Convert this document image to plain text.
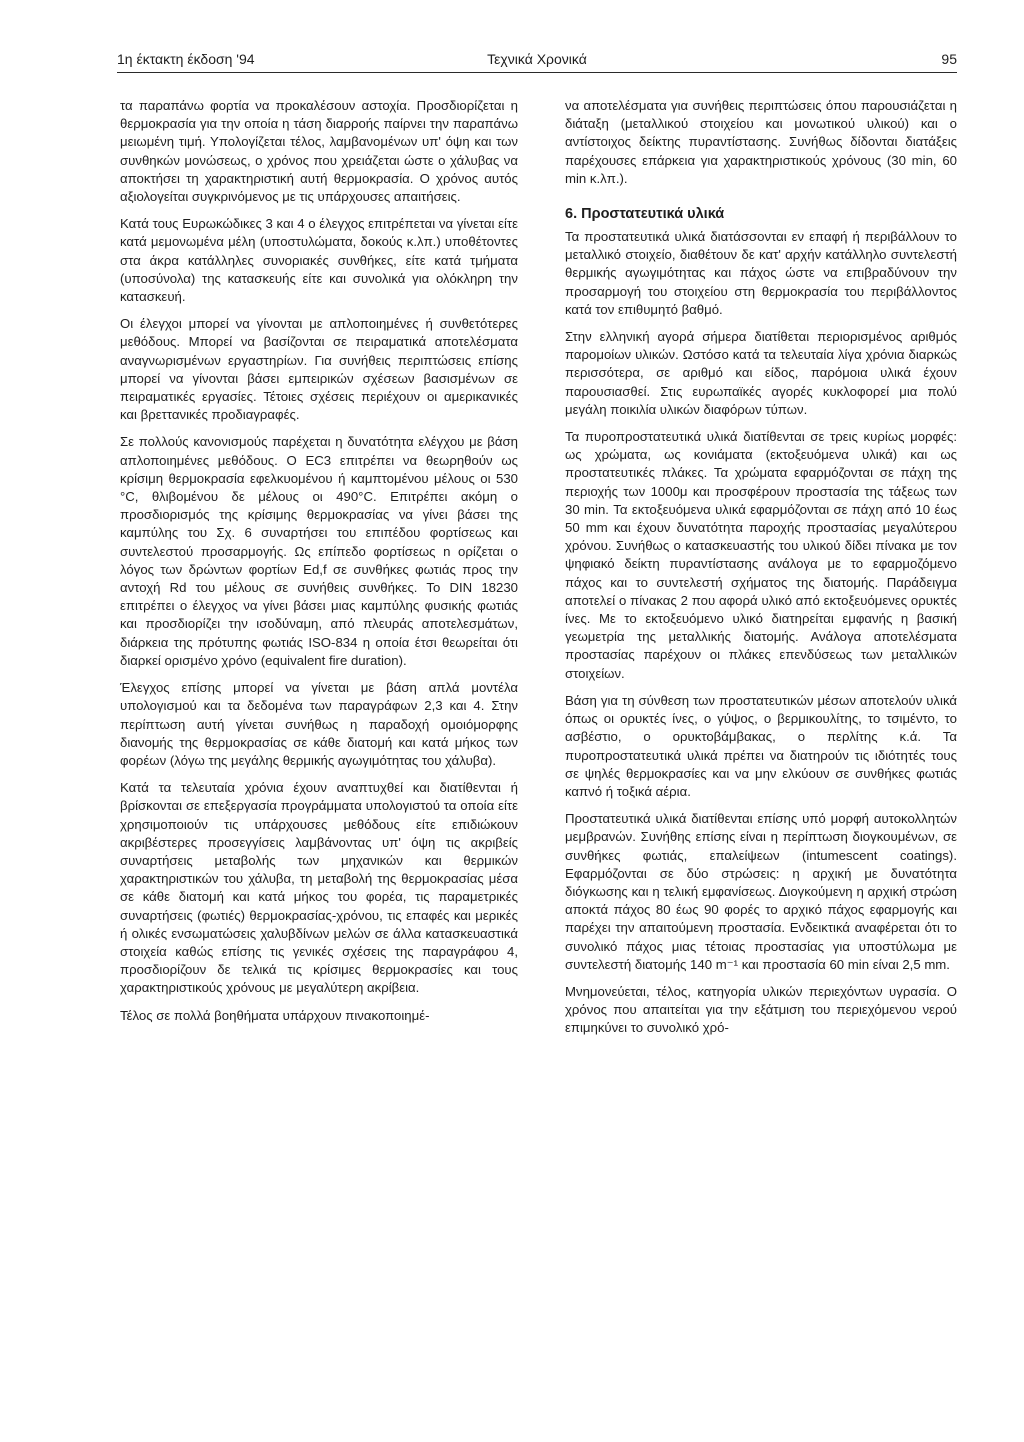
1η έκτακτη έκδοση '94	Τεχνικά Χρονικά	95

τα παραπάνω φορτία να προκαλέσουν αστοχία. Προσδιορίζεται η θερμοκρασία για την οποία η τάση διαρροής παίρνει την παραπάνω μειωμένη τιμή. Υπολογίζεται τέλος, λαμβανομένων υπ' όψη και των συνθηκών μονώσεως, ο χρόνος που χρειάζεται ώστε ο χάλυβας να αποκτήσει τη χαρακτηριστική αυτή θερμοκρασία. Ο χρόνος αυτός αξιολογείται συγκρινόμενος με τις υπάρχουσες απαιτήσεις.

Κατά τους Ευρωκώδικες 3 και 4 ο έλεγχος επιτρέπεται να γίνεται είτε κατά μεμονωμένα μέλη (υποστυλώματα, δοκούς κ.λπ.) υποθέτοντες στα άκρα κατάλληλες συνοριακές συνθήκες, είτε κατά τμήματα (υποσύνολα) της κατασκευής είτε και συνολικά για ολόκληρη την κατασκευή.

Οι έλεγχοι μπορεί να γίνονται με απλοποιημένες ή συνθετότερες μεθόδους. Μπορεί να βασίζονται σε πειραματικά αποτελέσματα αναγνωρισμένων εργαστηρίων. Για συνήθεις περιπτώσεις επίσης μπορεί να γίνονται βάσει εμπειρικών σχέσεων βασισμένων σε πειραματικές εργασίες. Τέτοιες σχέσεις περιέχουν οι αμερικανικές και βρεττανικές προδιαγραφές.

Σε πολλούς κανονισμούς παρέχεται η δυνατότητα ελέγχου με βάση απλοποιημένες μεθόδους. Ο EC3 επιτρέπει να θεωρηθούν ως κρίσιμη θερμοκρασία εφελκυομένου ή καμπτομένου μέλους οι 530 °C, θλιβομένου δε μέλους οι 490°C. Επιτρέπει ακόμη ο προσδιορισμός της κρίσιμης θερμοκρασίας να γίνει βάσει της καμπύλης του Σχ. 6 συναρτήσει του επιπέδου φορτίσεως και συντελεστού προσαρμογής. Ως επίπεδο φορτίσεως n ορίζεται ο λόγος των δρώντων φορτίων Ed,f σε συνθήκες φωτιάς προς την αντοχή Rd του μέλους σε συνήθεις συνθήκες. Το DIN 18230 επιτρέπει ο έλεγχος να γίνει βάσει μιας καμπύλης φυσικής φωτιάς και προσδιορίζει την ισοδύναμη, από πλευράς αποτελεσμάτων, διάρκεια της πρότυπης φωτιάς ISO-834 η οποία έτσι θεωρείται ότι διαρκεί ορισμένο χρόνο (equivalent fire duration).

Έλεγχος επίσης μπορεί να γίνεται με βάση απλά μοντέλα υπολογισμού και τα δεδομένα των παραγράφων 2,3 και 4. Στην περίπτωση αυτή γίνεται συνήθως η παραδοχή ομοιόμορφης διανομής της θερμοκρασίας σε κάθε διατομή και κατά μήκος των φορέων (λόγω της μεγάλης θερμικής αγωγιμότητας του χάλυβα).

Κατά τα τελευταία χρόνια έχουν αναπτυχθεί και διατίθενται ή βρίσκονται σε επεξεργασία προγράμματα υπολογιστού τα οποία είτε χρησιμοποιούν τις υπάρχουσες μεθόδους είτε επιδιώκουν ακριβέστερες προσεγγίσεις λαμβάνοντας υπ' όψη τις ακριβείς συναρτήσεις μεταβολής των μηχανικών και θερμικών χαρακτηριστικών του χάλυβα, τη μεταβολή της θερμοκρασίας μέσα σε κάθε διατομή και κατά μήκος του φορέα, τις παραμετρικές συναρτήσεις (φωτιές) θερμοκρασίας-χρόνου, τις επαφές και μερικές ή ολικές ενσωματώσεις χαλυβδίνων μελών σε άλλα κατασκευαστικά στοιχεία καθώς επίσης τις γενικές σχέσεις της παραγράφου 4, προσδιορίζουν δε τελικά τις κρίσιμες θερμοκρασίες και τους χαρακτηριστικούς χρόνους με μεγαλύτερη ακρίβεια.

Τέλος σε πολλά βοηθήματα υπάρχουν πινακοποιημέ-

να αποτελέσματα για συνήθεις περιπτώσεις όπου παρουσιάζεται η διάταξη (μεταλλικού στοιχείου και μονωτικού υλικού) και ο αντίστοιχος δείκτης πυραντίστασης. Συνήθως δίδονται διατάξεις παρέχουσες επάρκεια για χαρακτηριστικούς χρόνους (30 min, 60 min κ.λπ.).

6. Προστατευτικά υλικά

Τα προστατευτικά υλικά διατάσσονται εν επαφή ή περιβάλλουν το μεταλλικό στοιχείο, διαθέτουν δε κατ' αρχήν κατάλληλο συντελεστή θερμικής αγωγιμότητας και πάχος ώστε να επιβραδύνουν την προσαρμογή του στοιχείου στη θερμοκρασία του περιβάλλοντος κατά τον επιθυμητό βαθμό.

Στην ελληνική αγορά σήμερα διατίθεται περιορισμένος αριθμός παρομοίων υλικών. Ωστόσο κατά τα τελευταία λίγα χρόνια διαρκώς περισσότερα, σε αριθμό και είδος, παρόμοια υλικά έχουν παρουσιασθεί. Στις ευρωπαϊκές αγορές κυκλοφορεί μια πολύ μεγάλη ποικιλία υλικών διαφόρων τύπων.

Τα πυροπροστατευτικά υλικά διατίθενται σε τρεις κυρίως μορφές: ως χρώματα, ως κονιάματα (εκτοξευόμενα υλικά) και ως προστατευτικές πλάκες. Τα χρώματα εφαρμόζονται σε πάχη της περιοχής των 1000μ και προσφέρουν προστασία της τάξεως των 30 min. Τα εκτοξευόμενα υλικά εφαρμόζονται σε πάχη από 10 έως 50 mm και έχουν δυνατότητα παροχής προστασίας μεγαλύτερου χρόνου. Συνήθως ο κατασκευαστής του υλικού δίδει πίνακα με τον ψηφιακό δείκτη πυραντίστασης ανάλογα με το εφαρμοζόμενο πάχος και το συντελεστή σχήματος της διατομής. Παράδειγμα αποτελεί ο πίνακας 2 που αφορά υλικό από εκτοξευόμενες ορυκτές ίνες. Με το εκτοξευόμενο υλικό διατηρείται εμφανής η βασική γεωμετρία της μεταλλικής διατομής. Ανάλογα αποτελέσματα προστασίας παρέχουν οι πλάκες επενδύσεως των μεταλλικών στοιχείων.

Βάση για τη σύνθεση των προστατευτικών μέσων αποτελούν υλικά όπως οι ορυκτές ίνες, ο γύψος, ο βερμικουλίτης, το τσιμέντο, το ασβέστιο, ο ορυκτοβάμβακας, ο περλίτης κ.ά. Τα πυροπροστατευτικά υλικά πρέπει να διατηρούν τις ιδιότητές τους σε ψηλές θερμοκρασίες και να μην ελκύουν σε συνθήκες φωτιάς καπνό ή τοξικά αέρια.

Προστατευτικά υλικά διατίθενται επίσης υπό μορφή αυτοκολλητών μεμβρανών. Συνήθης επίσης είναι η περίπτωση διογκουμένων, σε συνθήκες φωτιάς, επαλείψεων (intumescent coatings). Εφαρμόζονται σε δύο στρώσεις: η αρχική με δυνατότητα διόγκωσης και η τελική εμφανίσεως. Διογκούμενη η αρχική στρώση αποκτά πάχος 80 έως 90 φορές το αρχικό πάχος εφαρμογής και παρέχει την απαιτούμενη προστασία. Ενδεικτικά αναφέρεται ότι το συνολικό πάχος μιας τέτοιας προστασίας για υποστύλωμα με συντελεστή διατομής 140 m⁻¹ και προστασία 60 min είναι 2,5 mm.

Μνημονεύεται, τέλος, κατηγορία υλικών περιεχόντων υγρασία. Ο χρόνος που απαιτείται για την εξάτμιση του περιεχόμενου νερού επιμηκύνει το συνολικό χρό-
